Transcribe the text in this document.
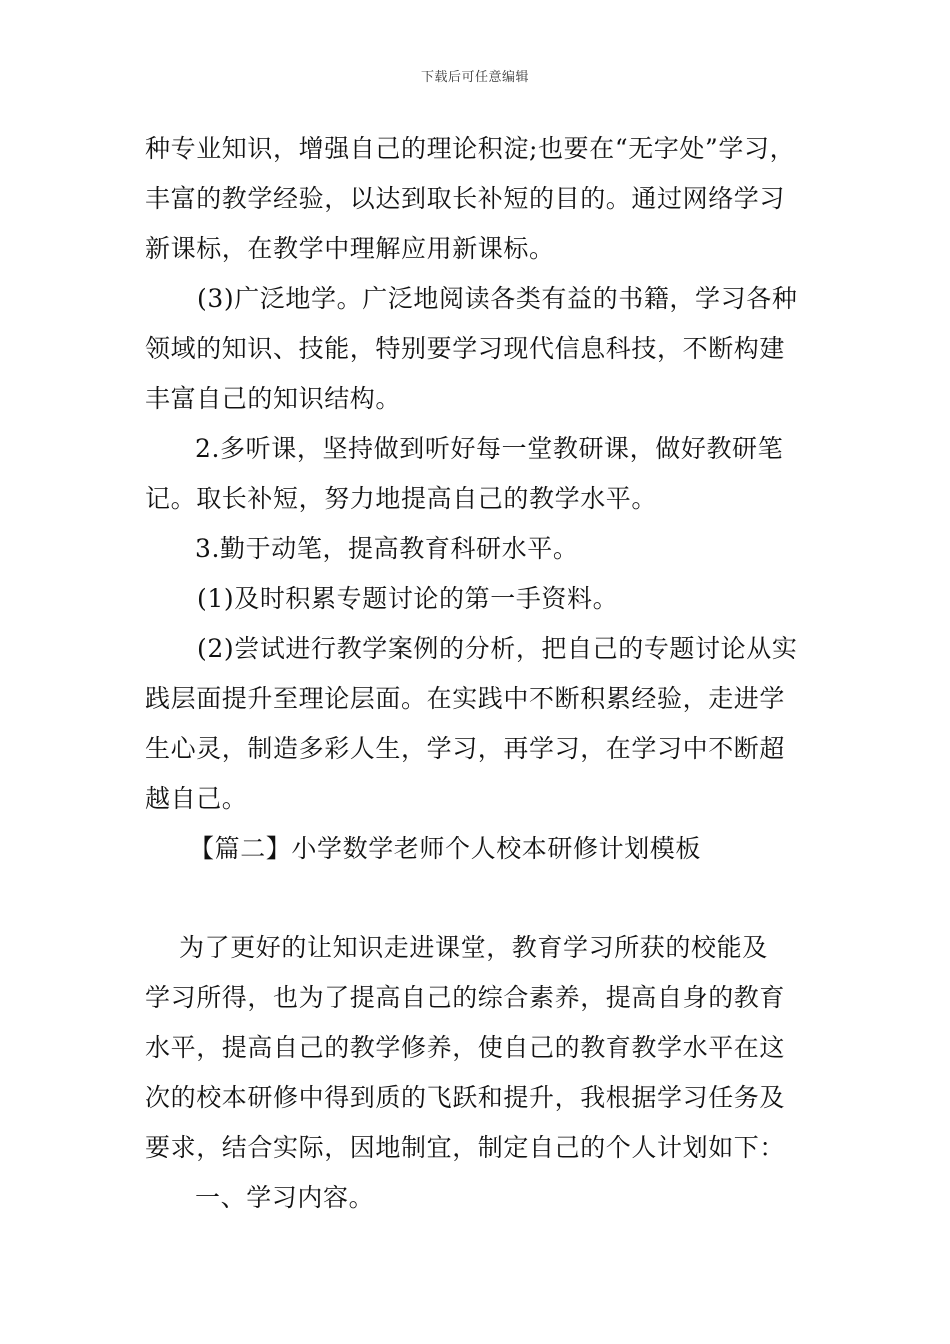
下载后可任意编辑
种专业知识，增强自己的理论积淀;也要在“无字处”学习，
丰富的教学经验，以达到取长补短的目的。通过网络学习
新课标，在教学中理解应用新课标。
(3)广泛地学。广泛地阅读各类有益的书籍，学习各种
领域的知识、技能，特别要学习现代信息科技，不断构建
丰富自己的知识结构。
2.多听课，坚持做到听好每一堂教研课，做好教研笔
记。取长补短，努力地提高自己的教学水平。
3.勤于动笔，提高教育科研水平。
(1)及时积累专题讨论的第一手资料。
(2)尝试进行教学案例的分析，把自己的专题讨论从实
践层面提升至理论层面。在实践中不断积累经验，走进学
生心灵，制造多彩人生，学习，再学习，在学习中不断超
越自己。
【篇二】小学数学老师个人校本研修计划模板
为了更好的让知识走进课堂，教育学习所获的校能及
学习所得，也为了提高自己的综合素养，提高自身的教育
水平，提高自己的教学修养，使自己的教育教学水平在这
次的校本研修中得到质的飞跃和提升，我根据学习任务及
要求，结合实际，因地制宜，制定自己的个人计划如下：
一、学习内容。
